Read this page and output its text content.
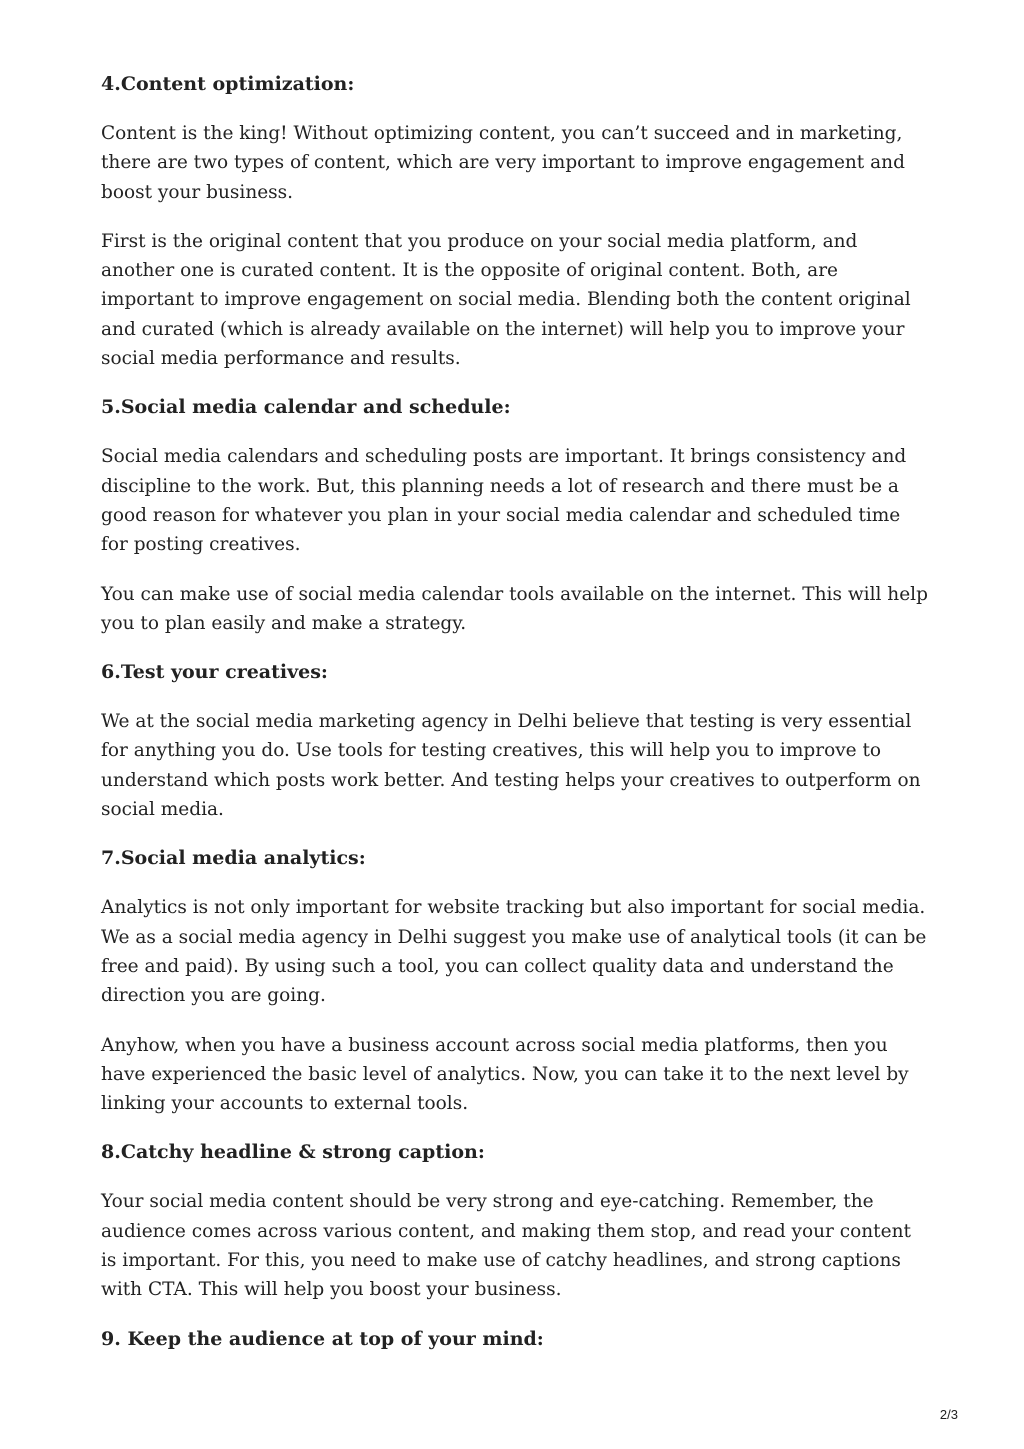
4.Content optimization:

Content is the king! Without optimizing content, you can’t succeed and in marketing, there are two types of content, which are very important to improve engagement and boost your business.

First is the original content that you produce on your social media platform, and another one is curated content. It is the opposite of original content. Both, are important to improve engagement on social media. Blending both the content original and curated (which is already available on the internet) will help you to improve your social media performance and results.

5.Social media calendar and schedule:

Social media calendars and scheduling posts are important. It brings consistency and discipline to the work. But, this planning needs a lot of research and there must be a good reason for whatever you plan in your social media calendar and scheduled time for posting creatives.

You can make use of social media calendar tools available on the internet. This will help you to plan easily and make a strategy.

6.Test your creatives:

We at the social media marketing agency in Delhi believe that testing is very essential for anything you do. Use tools for testing creatives, this will help you to improve to understand which posts work better. And testing helps your creatives to outperform on social media.

7.Social media analytics:

Analytics is not only important for website tracking but also important for social media. We as a social media agency in Delhi suggest you make use of analytical tools (it can be free and paid). By using such a tool, you can collect quality data and understand the direction you are going.

Anyhow, when you have a business account across social media platforms, then you have experienced the basic level of analytics. Now, you can take it to the next level by linking your accounts to external tools.

8.Catchy headline & strong caption:

Your social media content should be very strong and eye-catching. Remember, the audience comes across various content, and making them stop, and read your content is important. For this, you need to make use of catchy headlines, and strong captions with CTA. This will help you boost your business.

9. Keep the audience at top of your mind:
2/3
